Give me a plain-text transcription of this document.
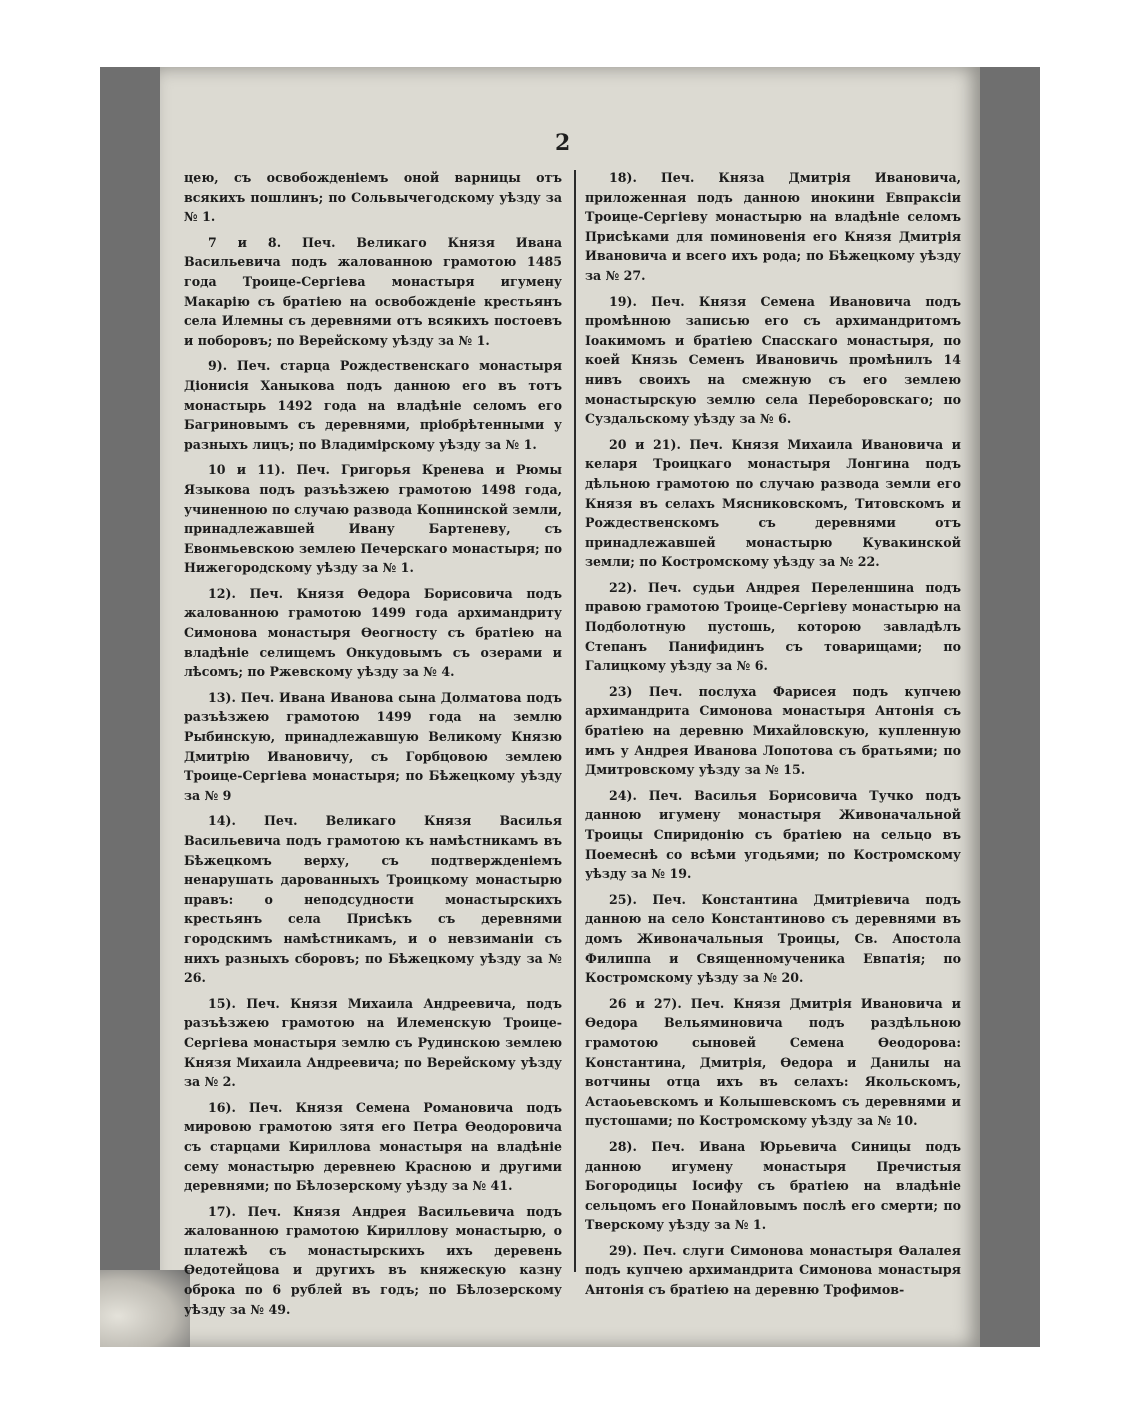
2

цею, съ освобожденіемъ оной варницы отъ всякихъ пошлинъ; по Сольвычегодскому уѣзду за № 1.

7 и 8. Печ. Великаго Князя Ивана Васильевича подъ жалованною грамотою 1485 года Троице-Сергіева монастыря игумену Макарію съ братіею на освобожденіе крестьянъ села Илемны съ деревнями отъ всякихъ постоевъ и поборовъ; по Верейскому уѣзду за № 1.

9). Печ. старца Рождественскаго монастыря Діонисія Ханыкова подъ данною его въ тотъ монастырь 1492 года на владѣніе селомъ его Багриновымъ съ деревнями, пріобрѣтенными у разныхъ лицъ; по Владимірскому уѣзду за № 1.

10 и 11). Печ. Григорья Кренева и Рюмы Языкова подъ разъѣзжею грамотою 1498 года, учиненною по случаю развода Копнинской земли, принадлежавшей Ивану Бартеневу, съ Евонмьевскою землею Печерскаго монастыря; по Нижегородскому уѣзду за № 1.

12). Печ. Князя Өедора Борисовича подъ жалованною грамотою 1499 года архимандриту Симонова монастыря Өеогносту съ братіею на владѣніе селищемъ Онкудовымъ съ озерами и лѣсомъ; по Ржевскому уѣзду за № 4.

13). Печ. Ивана Иванова сына Долматова подъ разъѣзжею грамотою 1499 года на землю Рыбинскую, принадлежавшую Великому Князю Дмитрію Ивановичу, съ Горбцовою землею Троице-Сергіева монастыря; по Бѣжецкому уѣзду за № 9

14). Печ. Великаго Князя Василья Васильевича подъ грамотою къ намѣстникамъ въ Бѣжецкомъ верху, съ подтвержденіемъ ненарушать дарованныхъ Троицкому монастырю правъ: о неподсудности монастырскихъ крестьянъ села Присѣкъ съ деревнями городскимъ намѣстникамъ, и о невзиманіи съ нихъ разныхъ сборовъ; по Бѣжецкому уѣзду за № 26.

15). Печ. Князя Михаила Андреевича, подъ разъѣзжею грамотою на Илеменскую Троице-Сергіева монастыря землю съ Рудинскою землею Князя Михаила Андреевича; по Верейскому уѣзду за № 2.

16). Печ. Князя Семена Романовича подъ мировою грамотою зятя его Петра Өеодоровича съ старцами Кириллова монастыря на владѣніе сему монастырю деревнею Красною и другими деревнями; по Бѣлозерскому уѣзду за № 41.

17). Печ. Князя Андрея Васильевича подъ жалованною грамотою Кириллову монастырю, о платежѣ съ монастырскихъ ихъ деревень Өедотейцова и другихъ въ княжескую казну оброка по 6 рублей въ годъ; по Бѣлозерскому уѣзду за № 49.

18). Печ. Княза Дмитрія Ивановича, приложенная подъ данною инокини Евпраксіи Троице-Сергіеву монастырю на владѣніе селомъ Присѣками для поминовенія его Князя Дмитрія Ивановича и всего ихъ рода; по Бѣжецкому уѣзду за № 27.

19). Печ. Князя Семена Ивановича подъ промѣнною записью его съ архимандритомъ Іоакимомъ и братіею Спасскаго монастыря, по коей Князь Семенъ Ивановичь промѣнилъ 14 нивъ своихъ на смежную съ его землею монастырскую землю села Переборовскаго; по Суздальскому уѣзду за № 6.

20 и 21). Печ. Князя Михаила Ивановича и келаря Троицкаго монастыря Лонгина подъ дѣльною грамотою по случаю развода земли его Князя въ селахъ Мясниковскомъ, Титовскомъ и Рождественскомъ съ деревнями отъ принадлежавшей монастырю Кувакинской земли; по Костромскому уѣзду за № 22.

22). Печ. судьи Андрея Переленшина подъ правою грамотою Троице-Сергіеву монастырю на Подболотную пустошь, которою завладѣлъ Степанъ Панифидинъ съ товарищами; по Галицкому уѣзду за № 6.

23) Печ. послуха Фарисея подъ купчею архимандрита Симонова монастыря Антонія съ братіею на деревню Михайловскую, купленную имъ у Андрея Иванова Лопотова съ братьями; по Дмитровскому уѣзду за № 15.

24). Печ. Василья Борисовича Тучко подъ данною игумену монастыря Живоначальной Троицы Спиридонію съ братіею на сельцо въ Поемеснѣ со всѣми угодьями; по Костромскому уѣзду за № 19.

25). Печ. Константина Дмитріевича подъ данною на село Константиново съ деревнями въ домъ Живоначальныя Троицы, Св. Апостола Филиппа и Священномученика Евпатія; по Костромскому уѣзду за № 20.

26 и 27). Печ. Князя Дмитрія Ивановича и Өедора Вельяминовича подъ раздѣльною грамотою сыновей Семена Өеодорова: Константина, Дмитрія, Өедора и Данилы на вотчины отца ихъ въ селахъ: Якольскомъ, Астаоьевскомъ и Колышевскомъ съ деревнями и пустошами; по Костромскому уѣзду за № 10.

28). Печ. Ивана Юрьевича Синицы подъ данною игумену монастыря Пречистыя Богородицы Іосифу съ братіею на владѣніе сельцомъ его Понайловымъ послѣ его смерти; по Тверскому уѣзду за № 1.

29). Печ. слуги Симонова монастыря Өалалея подъ купчею архимандрита Симонова монастыря Антонія съ братіею на деревню Трофимов-
